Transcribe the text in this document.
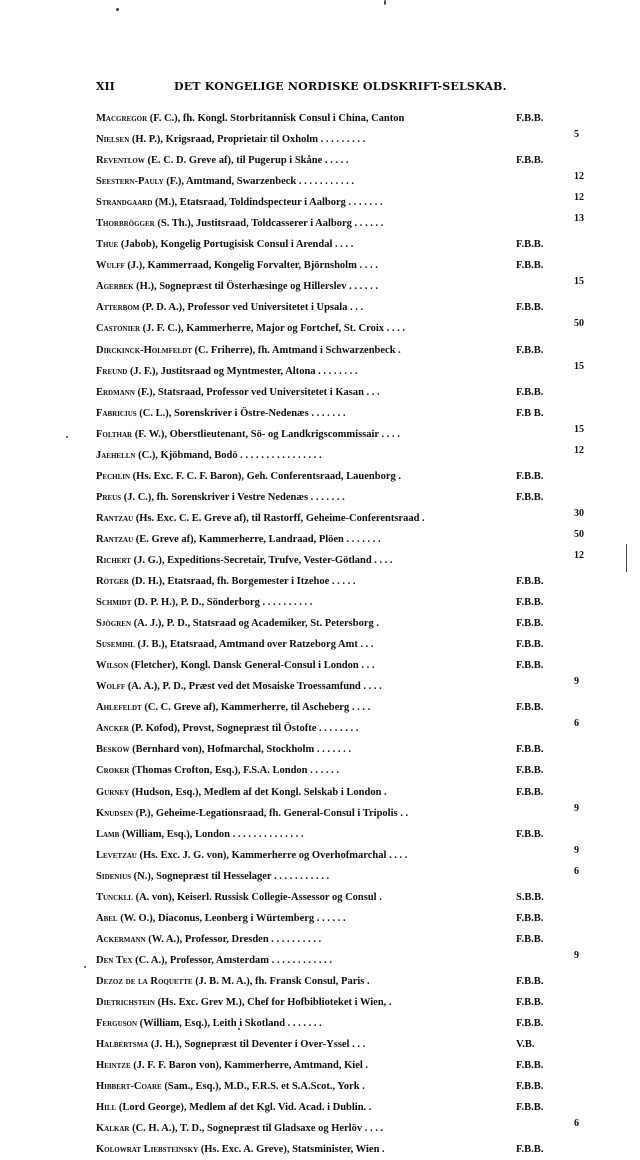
XII	DET KONGELIGE NORDISKE OLDSKRIFT-SELSKAB.
Macgregor (F. C.), fh. Kongl. Storbritannisk Consul i China, Canton	F.B.B.
Nielsen (H. P.), Krigsraad, Proprietair til Oxholm . . . . . . . . .	5
Reventlow (E. C. D. Greve af), til Pugerup i Skåne . . . . .	F.B.B.
Seestern-Pauly (F.), Amtmand, Swarzenbeck . . . . . . . . . . .	12
Strandgaard (M.), Etatsraad, Toldindspecteur i Aalborg . . . . . . .	12
Thorbrögger (S. Th.), Justitsraad, Toldcasserer i Aalborg . . . . . .	13
Thue (Jabob), Kongelig Portugisisk Consul i Arendal . . . .	F.B.B.
Wulff (J.), Kammerraad, Kongelig Forvalter, Björnsholm . . . .	F.B.B.
Agerbek (H.), Sognepræst til Österhæsinge og Hillerslev . . . . . .	15
Atterbom (P. D. A.), Professor ved Universitetet i Upsala . . .	F.B.B.
Castonier (J. F. C.), Kammerherre, Major og Fortchef, St. Croix . . . .	50
Dirckinck-Holmfeldt (C. Friherre), fh. Amtmand i Schwarzenbeck .	F.B.B.
Freund (J. F.), Justitsraad og Myntmester, Altona . . . . . . . .	15
Erdmann (F.), Statsraad, Professor ved Universitetet i Kasan . . .	F.B.B.
Fabricius (C. L.), Sorenskriver i Östre-Nedenæs . . . . . . .	F.B B.
Folthar (F. W.), Oberstlieutenant, Sö- og Landkrigscommissair . . . .	15
Jaehelln (C.), Kjöbmand, Bodö . . . . . . . . . . . . . . . .	12
Pechlin (Hs. Exc. F. C. F. Baron), Geh. Conferentsraad, Lauenborg .	F.B.B.
Preus (J. C.), fh. Sorenskriver i Vestre Nedenæs . . . . . . .	F.B.B.
Rantzau (Hs. Exc. C. E. Greve af), til Rastorff, Geheime-Conferentsraad .	30
Rantzau (E. Greve af), Kammerherre, Landraad, Plöen . . . . . . .	50
Richert (J. G.), Expeditions-Secretair, Trufve, Vester-Götland . . . .	12
Rötger (D. H.), Etatsraad, fh. Borgemester i Itzehoe . . . . .	F.B.B.
Schmidt (D. P. H.), P. D., Sönderborg . . . . . . . . . .	F.B.B.
Sjögren (A. J.), P. D., Statsraad og Academiker, St. Petersborg .	F.B.B.
Susemihl (J. B.), Etatsraad, Amtmand over Ratzeborg Amt . . .	F.B.B.
Wilson (Fletcher), Kongl. Dansk General-Consul i London . . .	F.B.B.
Wolff (A. A.), P. D., Præst ved det Mosaiske Troessamfund . . . .	9
Ahlefeldt (C. C. Greve af), Kammerherre, til Ascheberg . . . .	F.B.B.
Ancker (P. Kofod), Provst, Sognepræst til Östofte . . . . . . . .	6
Beskow (Bernhard von), Hofmarchal, Stockholm . . . . . . .	F.B.B.
Croker (Thomas Crofton, Esq.), F.S.A. London . . . . . .	F.B.B.
Gurney (Hudson, Esq.), Medlem af det Kongl. Selskab i London .	F.B.B.
Knudsen (P.), Geheime-Legationsraad, fh. General-Consul i Tripolis . .	9
Lamb (William, Esq.), London . . . . . . . . . . . . . .	F.B.B.
Levetzau (Hs. Exc. J. G. von), Kammerherre og Overhofmarchal . . . .	9
Sidenius (N.), Sognepræst til Hesselager . . . . . . . . . . .	6
Tunckll (A. von), Keiserl. Russisk Collegie-Assessor og Consul .	S.B.B.
Abel (W. O.), Diaconus, Leonberg i Würtemberg . . . . . .	F.B.B.
Ackermann (W. A.), Professor, Dresden . . . . . . . . . .	F.B.B.
Den Tex (C. A.), Professor, Amsterdam . . . . . . . . . . . .	9
Dezoz de la Roquette (J. B. M. A.), fh. Fransk Consul, Paris .	F.B.B.
Dietrichstein (Hs. Exc. Grev M.), Chef for Hofbiblioteket i Wien, .	F.B.B.
Ferguson (William, Esq.), Leith i Skotland . . . . . . .	F.B.B.
Halbertsma (J. H.), Sognepræst til Deventer i Over-Yssel . . .	V.B.
Heintze (J. F. F. Baron von), Kammerherre, Amtmand, Kiel .	F.B.B.
Hibbert-Coare (Sam., Esq.), M.D., F.R.S. et S.A.Scot., York .	F.B.B.
Hill (Lord George), Medlem af det Kgl. Vid. Acad. i Dublin. .	F.B.B.
Kalkar (C. H. A.), T. D., Sognepræst til Gladsaxe og Herlöv . . . .	6
Kolowrat Liebsteinsky (Hs. Exc. A. Greve), Statsminister, Wien .	F.B.B.
